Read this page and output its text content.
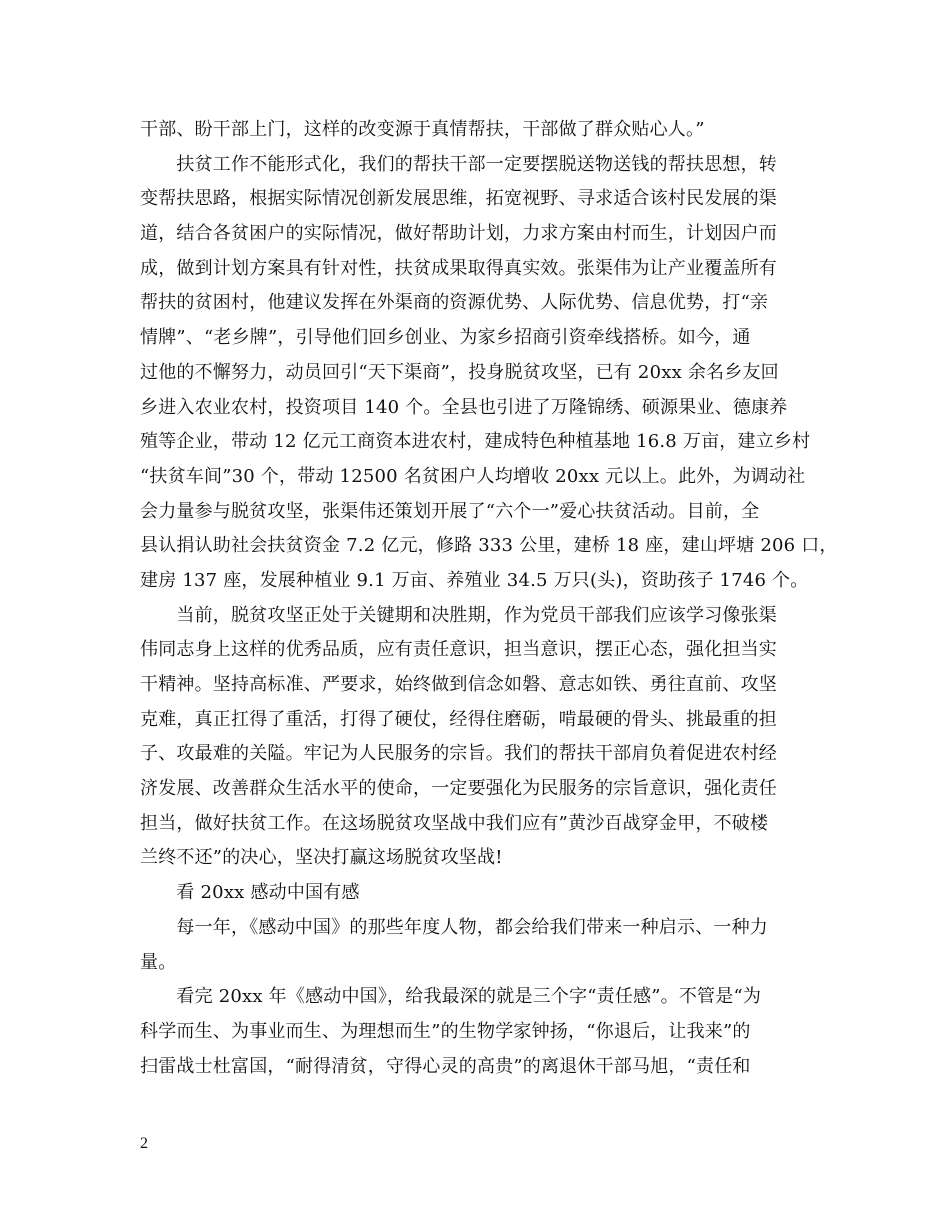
干部、盼干部上门，这样的改变源于真情帮扶，干部做了群众贴心人。”
　　扶贫工作不能形式化，我们的帮扶干部一定要摆脱送物送钱的帮扶思想，转
变帮扶思路，根据实际情况创新发展思维，拓宽视野、寻求适合该村民发展的渠
道，结合各贫困户的实际情况，做好帮助计划，力求方案由村而生，计划因户而
成，做到计划方案具有针对性，扶贫成果取得真实效。张渠伟为让产业覆盖所有
帮扶的贫困村，他建议发挥在外渠商的资源优势、人际优势、信息优势，打“亲
情牌”、“老乡牌”，引导他们回乡创业、为家乡招商引资牵线搭桥。如今，通
过他的不懈努力，动员回引“天下渠商”，投身脱贫攻坚，已有 20xx 余名乡友回
乡进入农业农村，投资项目 140 个。全县也引进了万隆锦绣、硕源果业、德康养
殖等企业，带动 12 亿元工商资本进农村，建成特色种植基地 16.8 万亩，建立乡村
“扶贫车间”30 个，带动 12500 名贫困户人均增收 20xx 元以上。此外，为调动社
会力量参与脱贫攻坚，张渠伟还策划开展了“六个一”爱心扶贫活动。目前，全
县认捐认助社会扶贫资金 7.2 亿元，修路 333 公里，建桥 18 座，建山坪塘 206 口，
建房 137 座，发展种植业 9.1 万亩、养殖业 34.5 万只(头)，资助孩子 1746 个。
　　当前，脱贫攻坚正处于关键期和决胜期，作为党员干部我们应该学习像张渠
伟同志身上这样的优秀品质，应有责任意识，担当意识，摆正心态，强化担当实
干精神。坚持高标准、严要求，始终做到信念如磐、意志如铁、勇往直前、攻坚
克难，真正扛得了重活，打得了硬仗，经得住磨砺，啃最硬的骨头、挑最重的担
子、攻最难的关隘。牢记为人民服务的宗旨。我们的帮扶干部肩负着促进农村经
济发展、改善群众生活水平的使命，一定要强化为民服务的宗旨意识，强化责任
担当，做好扶贫工作。在这场脱贫攻坚战中我们应有”黄沙百战穿金甲，不破楼
兰终不还”的决心，坚决打赢这场脱贫攻坚战!
　　看 20xx 感动中国有感
　　每一年，《感动中国》的那些年度人物，都会给我们带来一种启示、一种力
量。
　　看完 20xx 年《感动中国》，给我最深的就是三个字“责任感”。不管是“为
科学而生、为事业而生、为理想而生”的生物学家钟扬，“你退后，让我来”的
扫雷战士杜富国，“耐得清贫，守得心灵的高贵”的离退休干部马旭，“责任和
2
